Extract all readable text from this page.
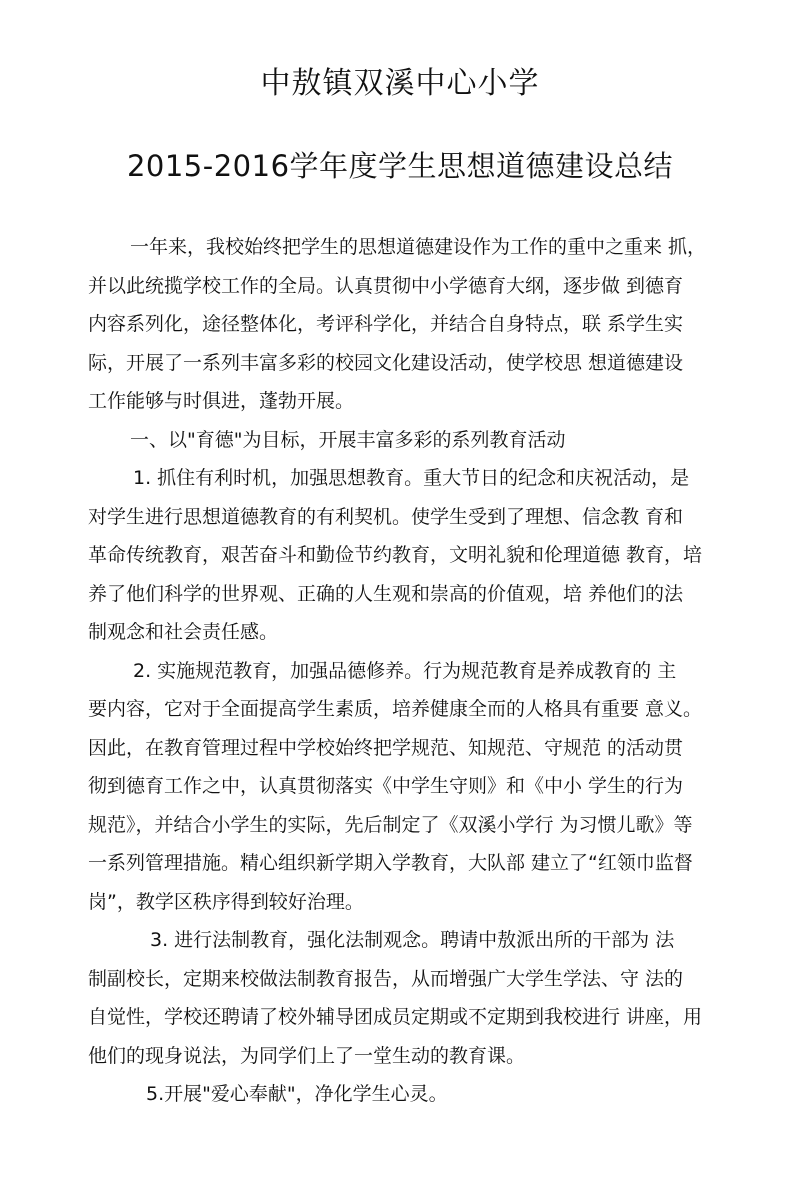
中敖镇双溪中心小学
2015-2016学年度学生思想道德建设总结
一年来，我校始终把学生的思想道德建设作为工作的重中之重来 抓，
并以此统揽学校工作的全局。认真贯彻中小学德育大纲，逐步做 到德育
内容系列化，途径整体化，考评科学化，并结合自身特点，联 系学生实
际，开展了一系列丰富多彩的校园文化建设活动，使学校思 想道德建设
工作能够与时俱进，蓬勃开展。
一、以"育德"为目标，开展丰富多彩的系列教育活动
1. 抓住有利时机，加强思想教育。重大节日的纪念和庆祝活动，是
对学生进行思想道德教育的有利契机。使学生受到了理想、信念教 育和
革命传统教育，艰苦奋斗和勤俭节约教育，文明礼貌和伦理道德 教育，培
养了他们科学的世界观、正确的人生观和崇高的价值观，培 养他们的法
制观念和社会责任感。
2. 实施规范教育，加强品德修养。行为规范教育是养成教育的 主
要内容，它对于全面提高学生素质，培养健康全而的人格具有重要 意义。
因此，在教育管理过程中学校始终把学规范、知规范、守规范 的活动贯
彻到德育工作之中，认真贯彻落实《中学生守则》和《中小 学生的行为
规范》，并结合小学生的实际，先后制定了《双溪小学行 为习惯儿歌》等
一系列管理措施。精心组织新学期入学教育，大队部 建立了“红领巾监督
岗”，教学区秩序得到较好治理。
3. 进行法制教育，强化法制观念。聘请中敖派出所的干部为 法
制副校长，定期来校做法制教育报告，从而增强广大学生学法、守 法的
自觉性，学校还聘请了校外辅导团成员定期或不定期到我校进行 讲座，用
他们的现身说法，为同学们上了一堂生动的教育课。
5.开展"爱心奉献"，净化学生心灵。
